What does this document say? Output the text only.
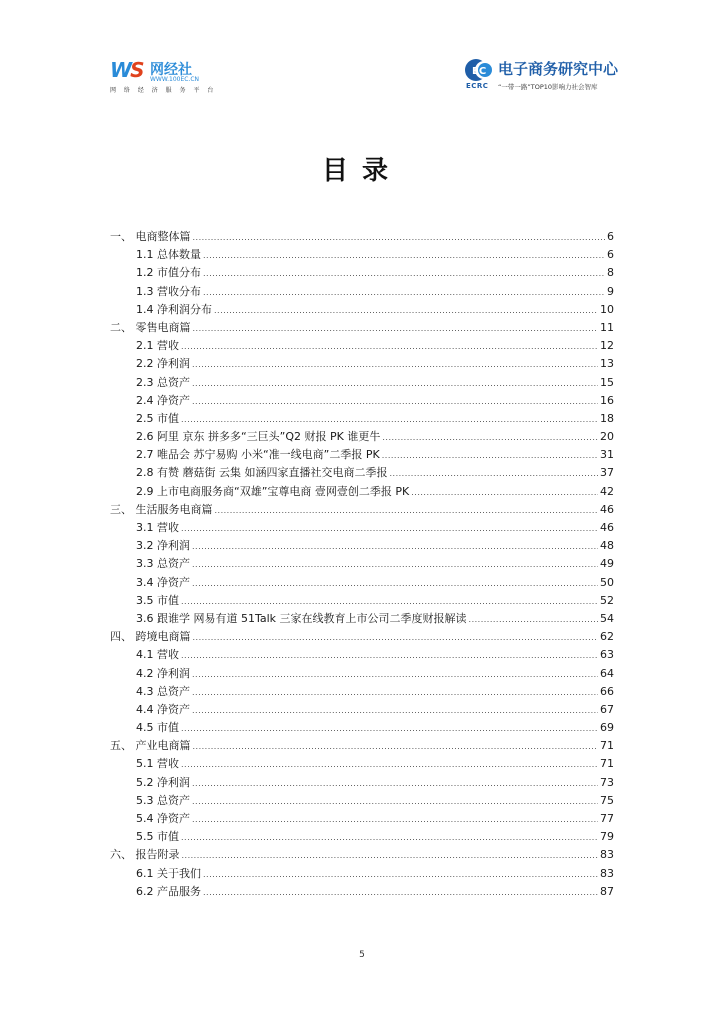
WS 网经社
WWW.100EC.CN
网 络 经 济 服 务 平 台
EC
ECRC
电子商务研究中心
“一带一路”TOP10影响力社会智库
目录
一、 电商整体篇 .....	6
1.1 总体数量 .....	6
1.2 市值分布 .....	8
1.3 营收分布 .....	9
1.4 净利润分布 .....	10
二、 零售电商篇 .....	11
2.1 营收 .....	12
2.2 净利润 .....	13
2.3 总资产 .....	15
2.4 净资产 .....	16
2.5 市值 .....	18
2.6 阿里 京东 拼多多“三巨头”Q2 财报 PK 谁更牛 .....	20
2.7 唯品会 苏宁易购 小米“准一线电商”二季报 PK .....	31
2.8 有赞 蘑菇街 云集 如涵四家直播社交电商二季报 .....	37
2.9 上市电商服务商“双雄”宝尊电商 壹网壹创二季报 PK .....	42
三、 生活服务电商篇 .....	46
3.1 营收 .....	46
3.2 净利润 .....	48
3.3 总资产 .....	49
3.4 净资产 .....	50
3.5 市值 .....	52
3.6 跟谁学 网易有道 51Talk 三家在线教育上市公司二季度财报解读 .....	54
四、 跨境电商篇 .....	62
4.1 营收 .....	63
4.2 净利润 .....	64
4.3 总资产 .....	66
4.4 净资产 .....	67
4.5 市值 .....	69
五、 产业电商篇 .....	71
5.1 营收 .....	71
5.2 净利润 .....	73
5.3 总资产 .....	75
5.4 净资产 .....	77
5.5 市值 .....	79
六、 报告附录 .....	83
6.1 关于我们 .....	83
6.2 产品服务 .....	87
5
